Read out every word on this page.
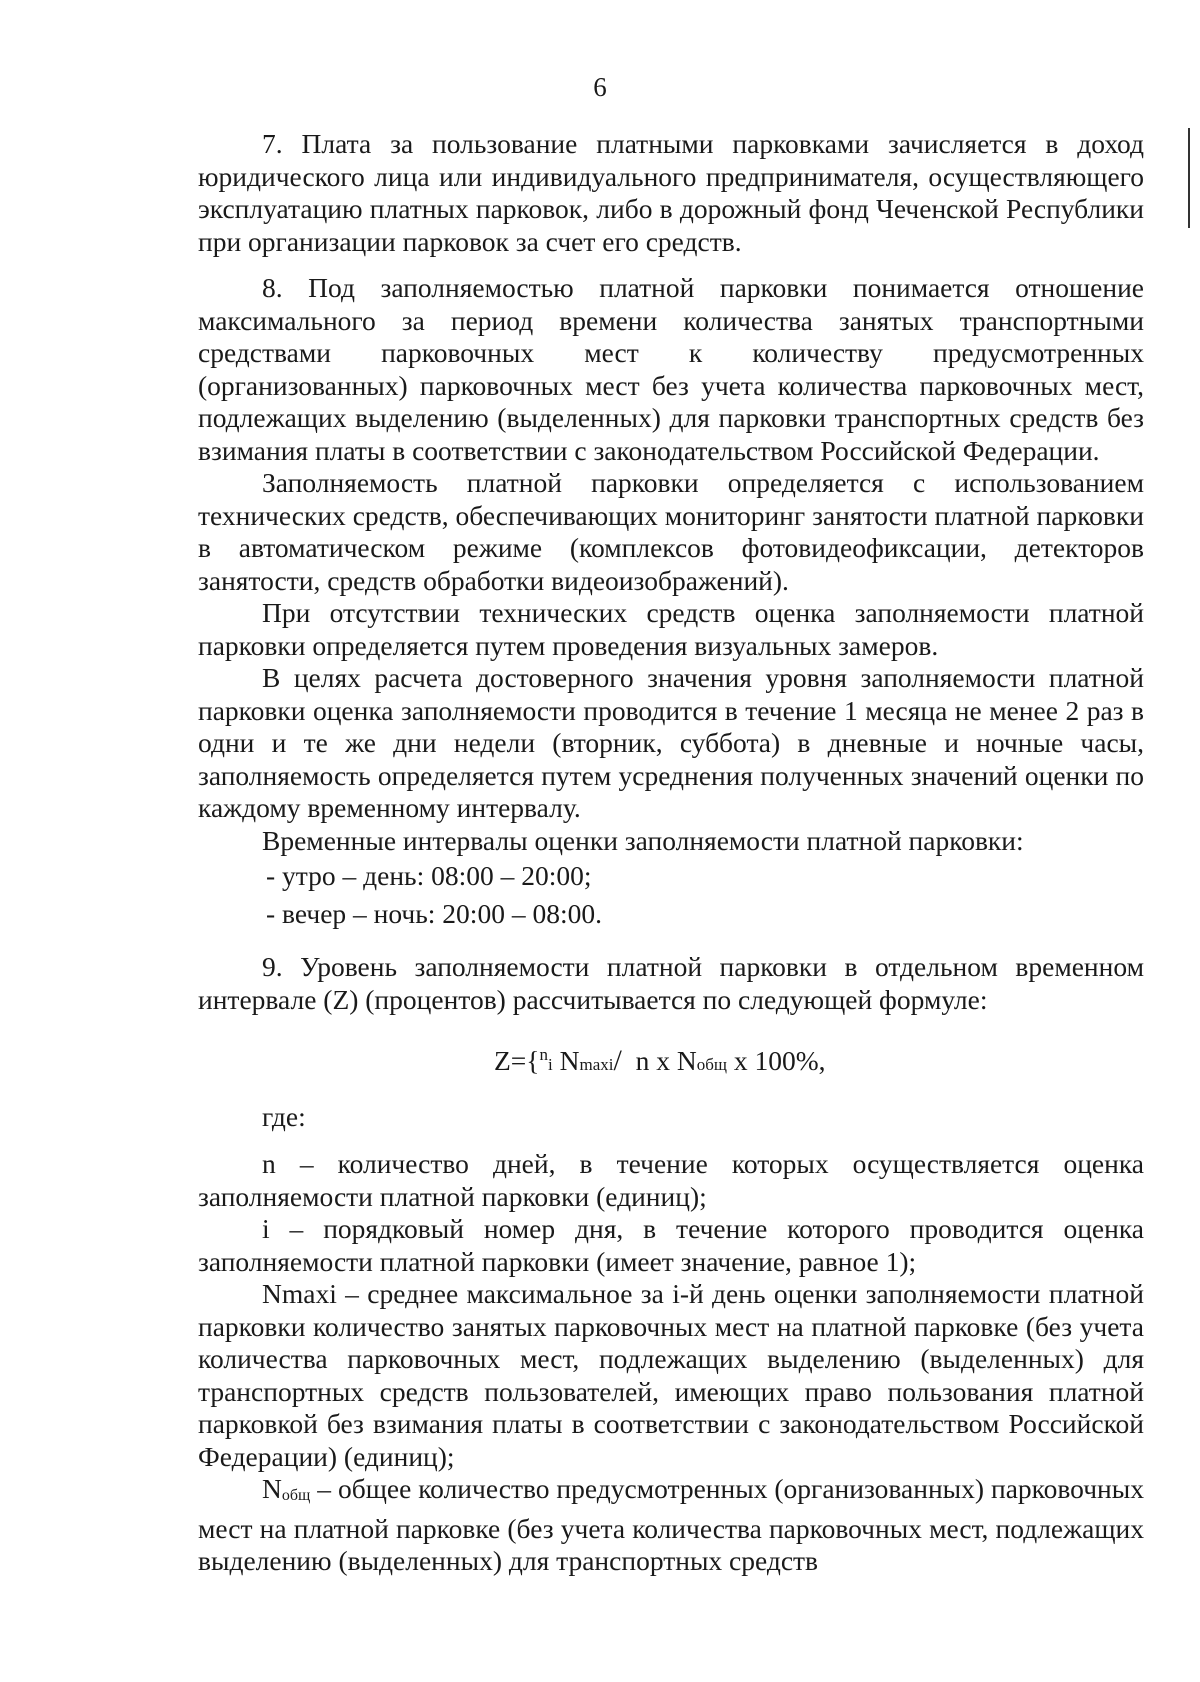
6

7. Плата за пользование платными парковками зачисляется в доход юридического лица или индивидуального предпринимателя, осуществляющего эксплуатацию платных парковок, либо в дорожный фонд Чеченской Республики при организации парковок за счет его средств.

8. Под заполняемостью платной парковки понимается отношение максимального за период времени количества занятых транспортными средствами парковочных мест к количеству предусмотренных (организованных) парковочных мест без учета количества парковочных мест, подлежащих выделению (выделенных) для парковки транспортных средств без взимания платы в соответствии с законодательством Российской Федерации.

Заполняемость платной парковки определяется с использованием технических средств, обеспечивающих мониторинг занятости платной парковки в автоматическом режиме (комплексов фотовидеофиксации, детекторов занятости, средств обработки видеоизображений).

При отсутствии технических средств оценка заполняемости платной парковки определяется путем проведения визуальных замеров.

В целях расчета достоверного значения уровня заполняемости платной парковки оценка заполняемости проводится в течение 1 месяца не менее 2 раз в одни и те же дни недели (вторник, суббота) в дневные и ночные часы, заполняемость определяется путем усреднения полученных значений оценки по каждому временному интервалу.

Временные интервалы оценки заполняемости платной парковки:

- утро – день: 08:00 – 20:00;

- вечер – ночь: 20:00 – 08:00.

9. Уровень заполняемости платной парковки в отдельном временном интервале (Z) (процентов) рассчитывается по следующей формуле:

Z={$^n$i Nmaxi/  n x Nобщ x 100%,

где:

n – количество дней, в течение которых осуществляется оценка заполняемости платной парковки (единиц);

i – порядковый номер дня, в течение которого проводится оценка заполняемости платной парковки (имеет значение, равное 1);

Nmaxi – среднее максимальное за i-й день оценки заполняемости платной парковки количество занятых парковочных мест на платной парковке (без учета количества парковочных мест, подлежащих выделению (выделенных) для транспортных средств пользователей, имеющих право пользования платной парковкой без взимания платы в соответствии с законодательством Российской Федерации) (единиц);

$N_{общ}$ – общее количество предусмотренных (организованных) парковочных мест на платной парковке (без учета количества парковочных мест, подлежащих выделению (выделенных) для транспортных средств
